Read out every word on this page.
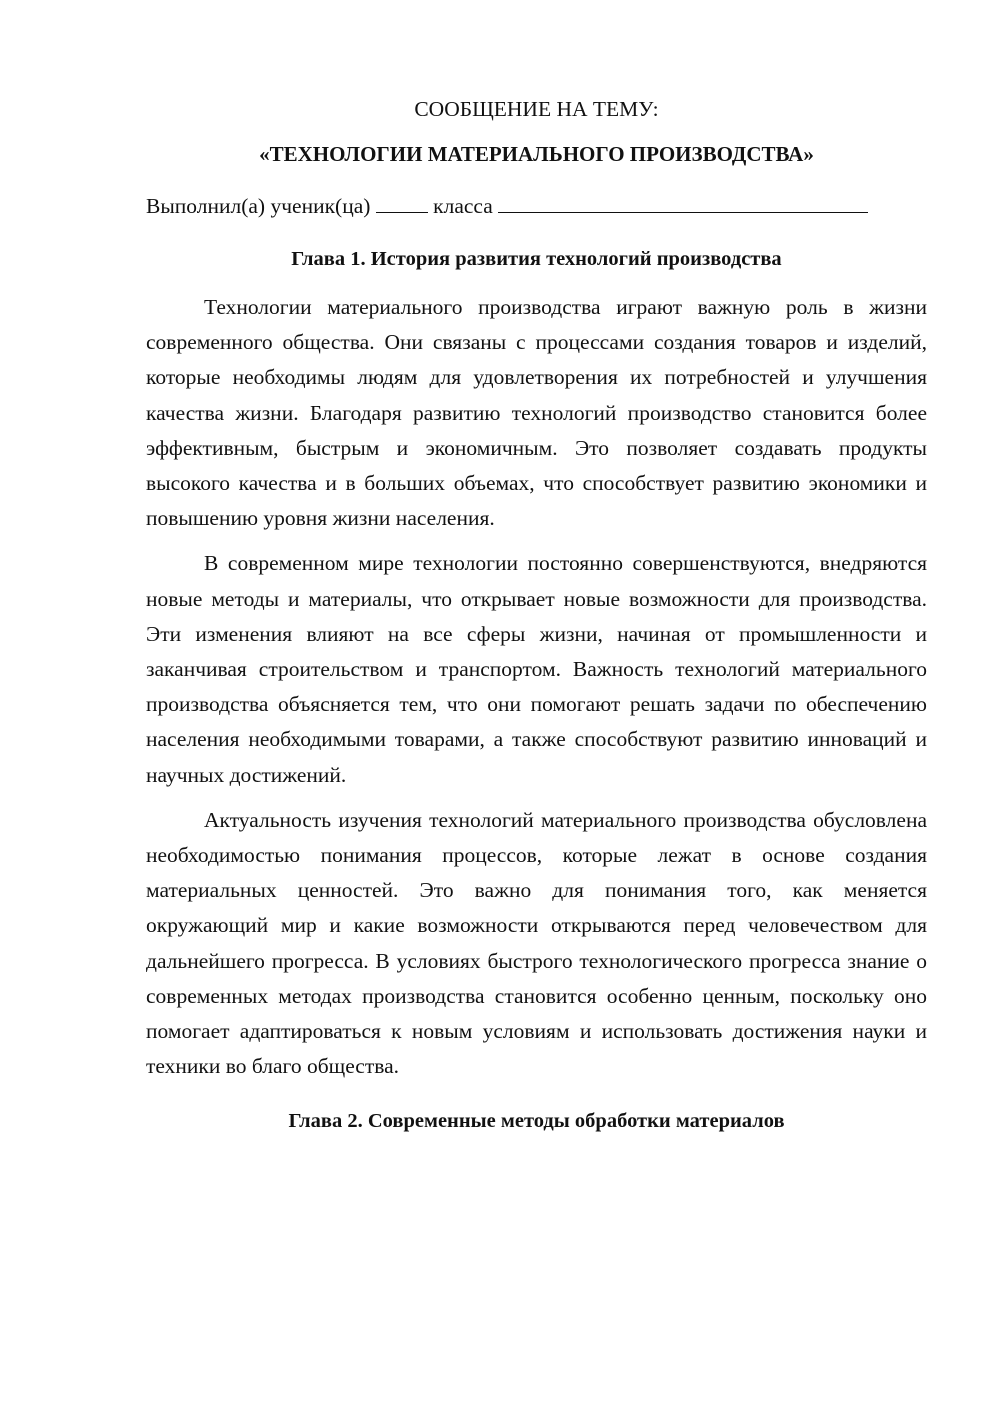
СООБЩЕНИЕ НА ТЕМУ:

«ТЕХНОЛОГИИ МАТЕРИАЛЬНОГО ПРОИЗВОДСТВА»

Выполнил(а) ученик(ца)	класса

Глава 1. История развития технологий производства

Технологии материального производства играют важную роль в жизни современного общества. Они связаны с процессами создания товаров и изделий, которые необходимы людям для удовлетворения их потребностей и улучшения качества жизни. Благодаря развитию технологий производство становится более эффективным, быстрым и экономичным. Это позволяет создавать продукты высокого качества и в больших объемах, что способствует развитию экономики и повышению уровня жизни населения.

В современном мире технологии постоянно совершенствуются, внедряются новые методы и материалы, что открывает новые возможности для производства. Эти изменения влияют на все сферы жизни, начиная от промышленности и заканчивая строительством и транспортом. Важность технологий материального производства объясняется тем, что они помогают решать задачи по обеспечению населения необходимыми товарами, а также способствуют развитию инноваций и научных достижений.

Актуальность изучения технологий материального производства обусловлена необходимостью понимания процессов, которые лежат в основе создания материальных ценностей. Это важно для понимания того, как меняется окружающий мир и какие возможности открываются перед человечеством для дальнейшего прогресса. В условиях быстрого технологического прогресса знание о современных методах производства становится особенно ценным, поскольку оно помогает адаптироваться к новым условиям и использовать достижения науки и техники во благо общества.

Глава 2. Современные методы обработки материалов
